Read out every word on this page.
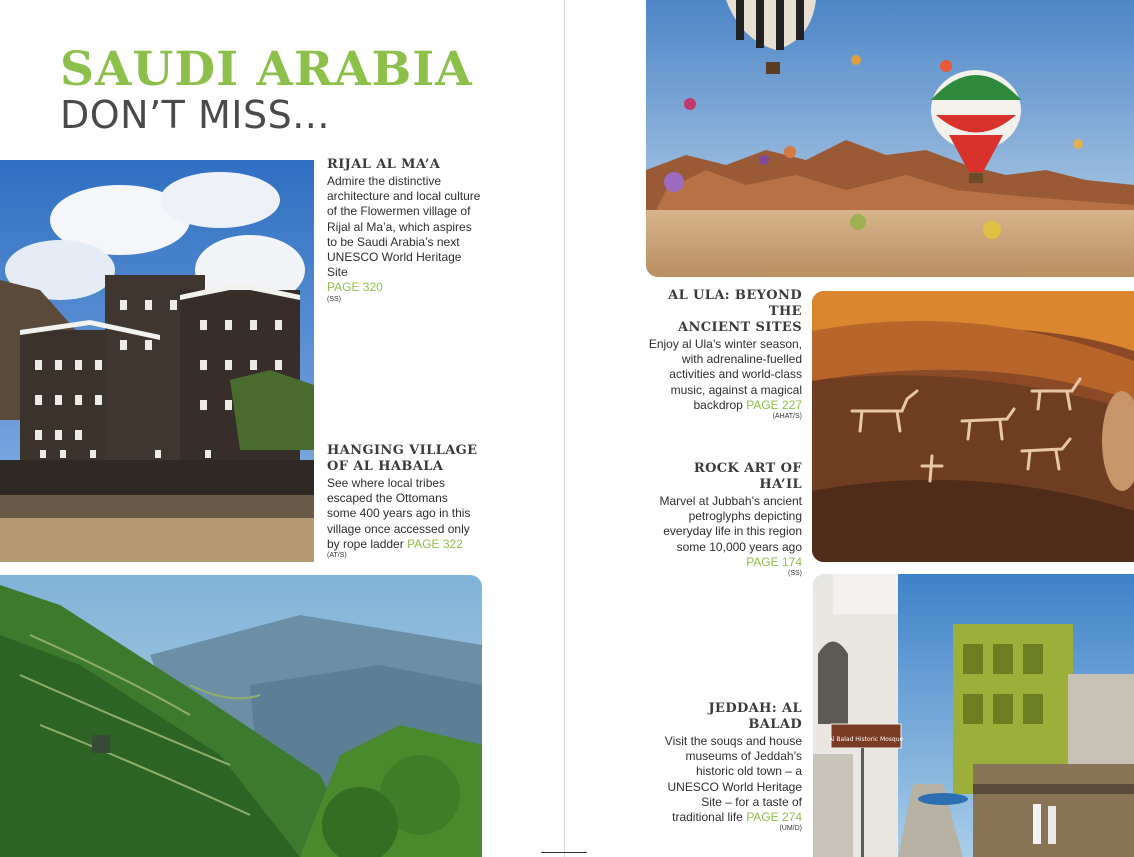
SAUDI ARABIA
DON’T MISS...
RIJAL AL MA’A
Admire the distinctive architecture and local culture of the Flowermen village of Rijal al Ma’a, which aspires to be Saudi Arabia’s next UNESCO World Heritage Site
PAGE 320
(SS)
HANGING VILLAGE
OF AL HABALA
See where local tribes escaped the Ottomans some 400 years ago in this village once accessed only by rope ladder PAGE 322
(AT/S)
AL ULA: BEYOND THE
ANCIENT SITES
Enjoy al Ula’s winter season, with adrenaline-fuelled activities and world-class music, against a magical backdrop PAGE 227
(AHAT/S)
ROCK ART OF HA’IL
Marvel at Jubbah’s ancient petroglyphs depicting everyday life in this region some 10,000 years ago
PAGE 174
(SS)
Al Balad Historic Mosque
JEDDAH: AL BALAD
Visit the souqs and house museums of Jeddah’s historic old town – a UNESCO World Heritage Site – for a taste of traditional life PAGE 274
(UM/D)
